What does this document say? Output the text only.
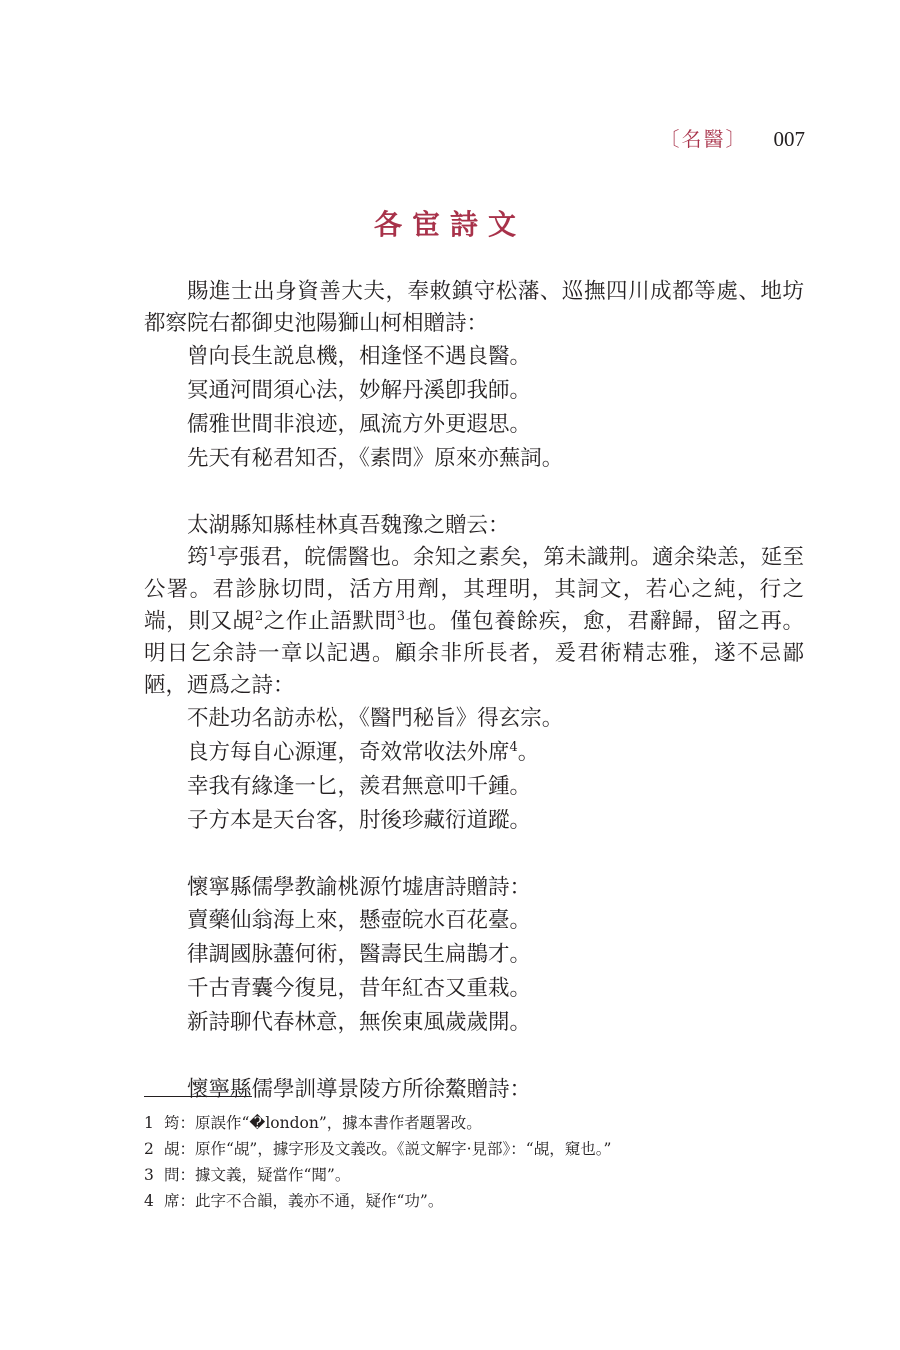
〔名醫〕 007
各宦詩文

賜進士出身資善大夫，奉敕鎮守松藩、巡撫四川成都等處、地坊都察院右都御史池陽獅山柯相贈詩：

曾向長生説息機，相逢怪不遇良醫。
冥通河間須心法，妙解丹溪卽我師。
儒雅世間非浪迹，風流方外更遐思。
先天有秘君知否，《素問》原來亦蕪詞。

太湖縣知縣桂林真吾魏豫之贈云：

筠$^1$亭張君，皖儒醫也。余知之素矣，第未識荆。適余染恙，延至公署。君診脉切問，活方用劑，其理明，其詞文，若心之純，行之端，則又覘$^2$之作止語默問$^3$也。僅包養餘疾，愈，君辭歸，留之再。明日乞余詩一章以記遇。顧余非所長者，爰君術精志雅，遂不忌鄙陋，迺爲之詩：

不赴功名訪赤松，《醫門秘旨》得玄宗。
良方每自心源運，奇效常收法外席$^4$。
幸我有緣逢一匕，羨君無意叩千鍾。
子方本是天台客，肘後珍藏衍道蹤。

懷寧縣儒學教諭桃源竹墟唐詩贈詩：

賣藥仙翁海上來，懸壺皖水百花臺。
律調國脉藎何術，醫壽民生扁鵲才。
千古青囊今復見，昔年紅杏又重栽。
新詩聊代春林意，無俟東風歲歲開。

懷寧縣儒學訓導景陵方所徐鰲贈詩：

1 筠：原誤作“�london”，據本書作者題署改。
2 覘：原作“覘”，據字形及文義改。《説文解字·見部》：“覘，窺也。”
3 問：據文義，疑當作“聞”。
4 席：此字不合韻，義亦不通，疑作“功”。
